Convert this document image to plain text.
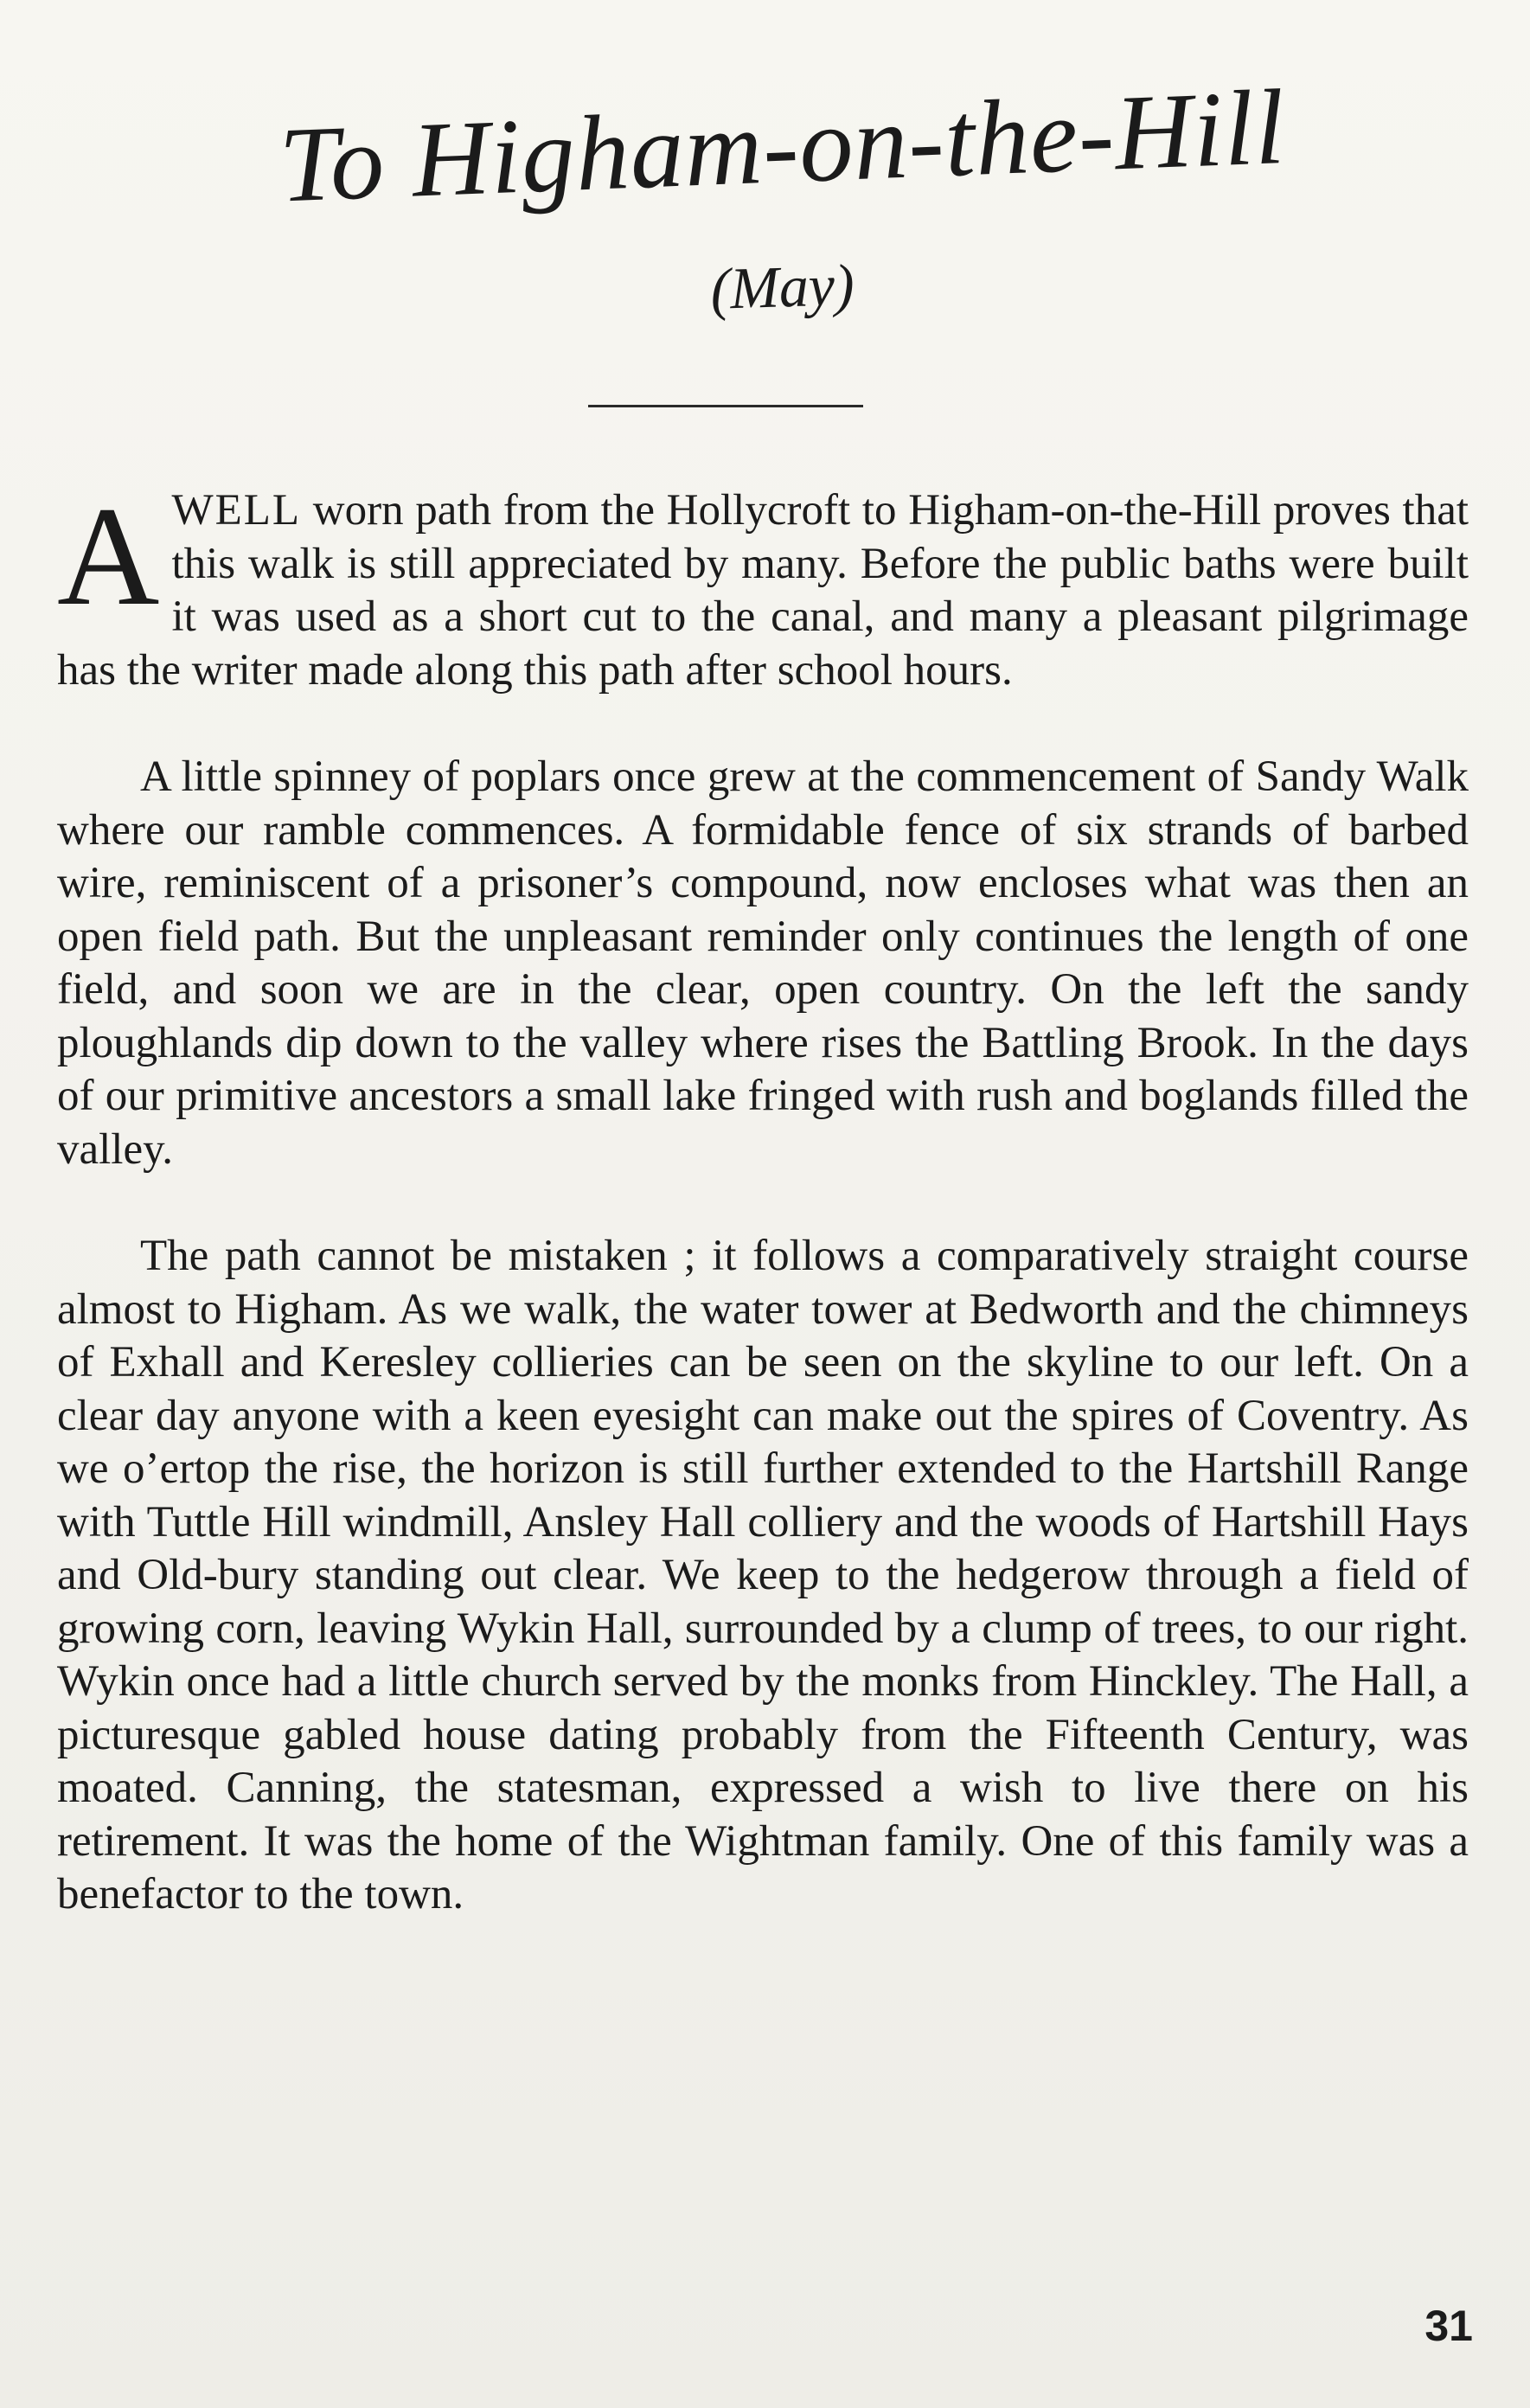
To Higham-on-the-Hill
(May)

AWELL worn path from the Hollycroft to Higham-on-the-Hill proves that this walk is still appreciated by many. Before the public baths were built it was used as a short cut to the canal, and many a pleasant pilgrimage has the writer made along this path after school hours.

A little spinney of poplars once grew at the commencement of Sandy Walk where our ramble commences. A formidable fence of six strands of barbed wire, reminiscent of a prisoner’s compound, now encloses what was then an open field path. But the unpleasant reminder only continues the length of one field, and soon we are in the clear, open country. On the left the sandy ploughlands dip down to the valley where rises the Battling Brook. In the days of our primitive ancestors a small lake fringed with rush and boglands filled the valley.

The path cannot be mistaken ; it follows a comparatively straight course almost to Higham. As we walk, the water tower at Bedworth and the chimneys of Exhall and Keresley collieries can be seen on the skyline to our left. On a clear day anyone with a keen eyesight can make out the spires of Coventry. As we o’ertop the rise, the horizon is still further extended to the Hartshill Range with Tuttle Hill windmill, Ansley Hall colliery and the woods of Hartshill Hays and Old-bury standing out clear. We keep to the hedgerow through a field of growing corn, leaving Wykin Hall, surrounded by a clump of trees, to our right. Wykin once had a little church served by the monks from Hinckley. The Hall, a picturesque gabled house dating probably from the Fifteenth Century, was moated. Canning, the statesman, expressed a wish to live there on his retirement. It was the home of the Wightman family. One of this family was a benefactor to the town.

31
